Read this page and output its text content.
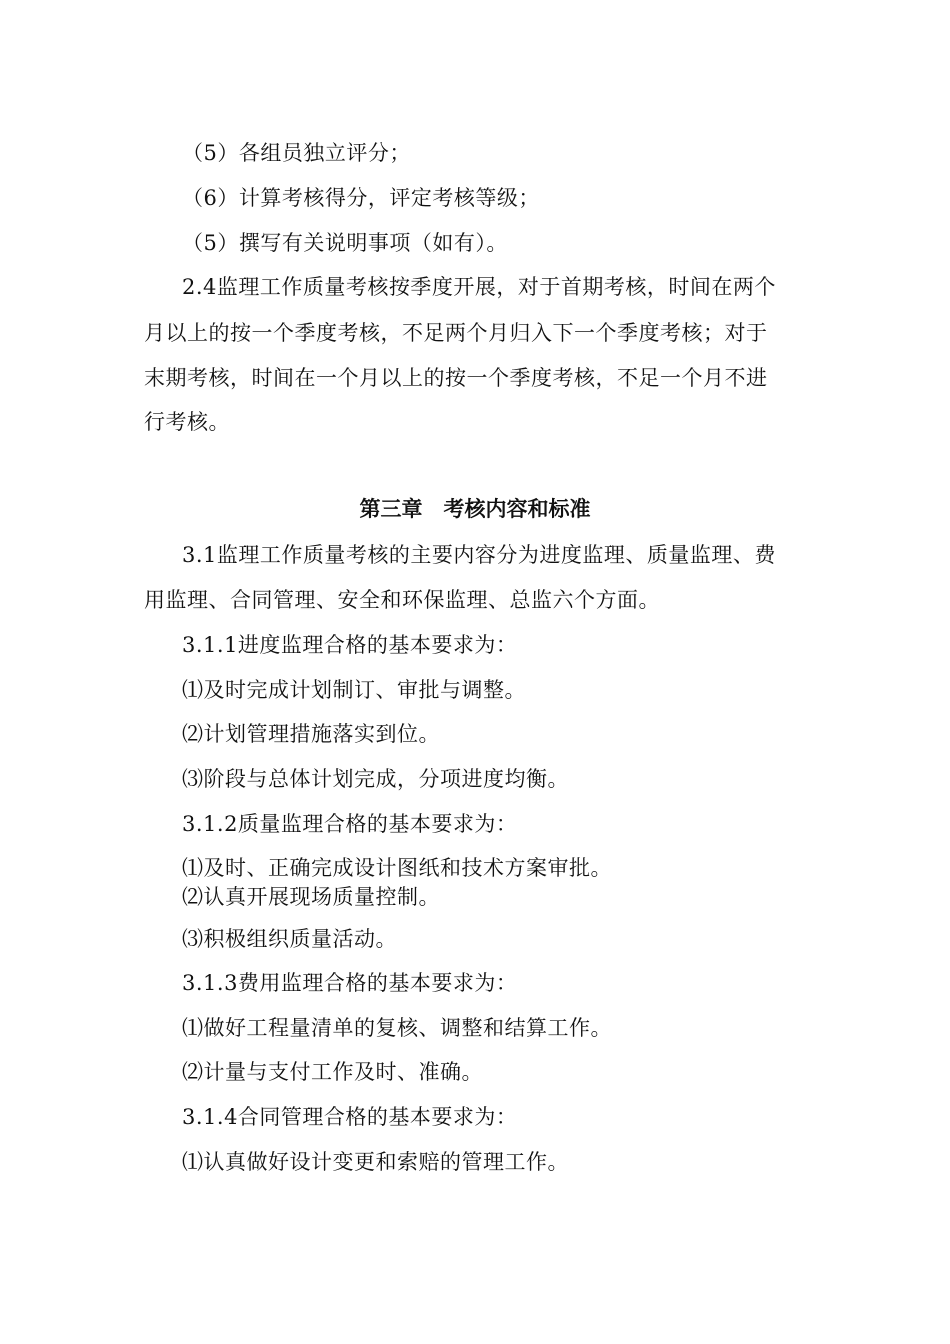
（5）各组员独立评分；
（6）计算考核得分，评定考核等级；
（5）撰写有关说明事项（如有）。
2.4监理工作质量考核按季度开展，对于首期考核，时间在两个
月以上的按一个季度考核，不足两个月归入下一个季度考核；对于
末期考核，时间在一个月以上的按一个季度考核，不足一个月不进
行考核。
第三章　考核内容和标准
3.1监理工作质量考核的主要内容分为进度监理、质量监理、费
用监理、合同管理、安全和环保监理、总监六个方面。
3.1.1进度监理合格的基本要求为：
⑴及时完成计划制订、审批与调整。
⑵计划管理措施落实到位。
⑶阶段与总体计划完成，分项进度均衡。
3.1.2质量监理合格的基本要求为：
⑴及时、正确完成设计图纸和技术方案审批。
⑵认真开展现场质量控制。
⑶积极组织质量活动。
3.1.3费用监理合格的基本要求为：
⑴做好工程量清单的复核、调整和结算工作。
⑵计量与支付工作及时、准确。
3.1.4合同管理合格的基本要求为：
⑴认真做好设计变更和索赔的管理工作。
